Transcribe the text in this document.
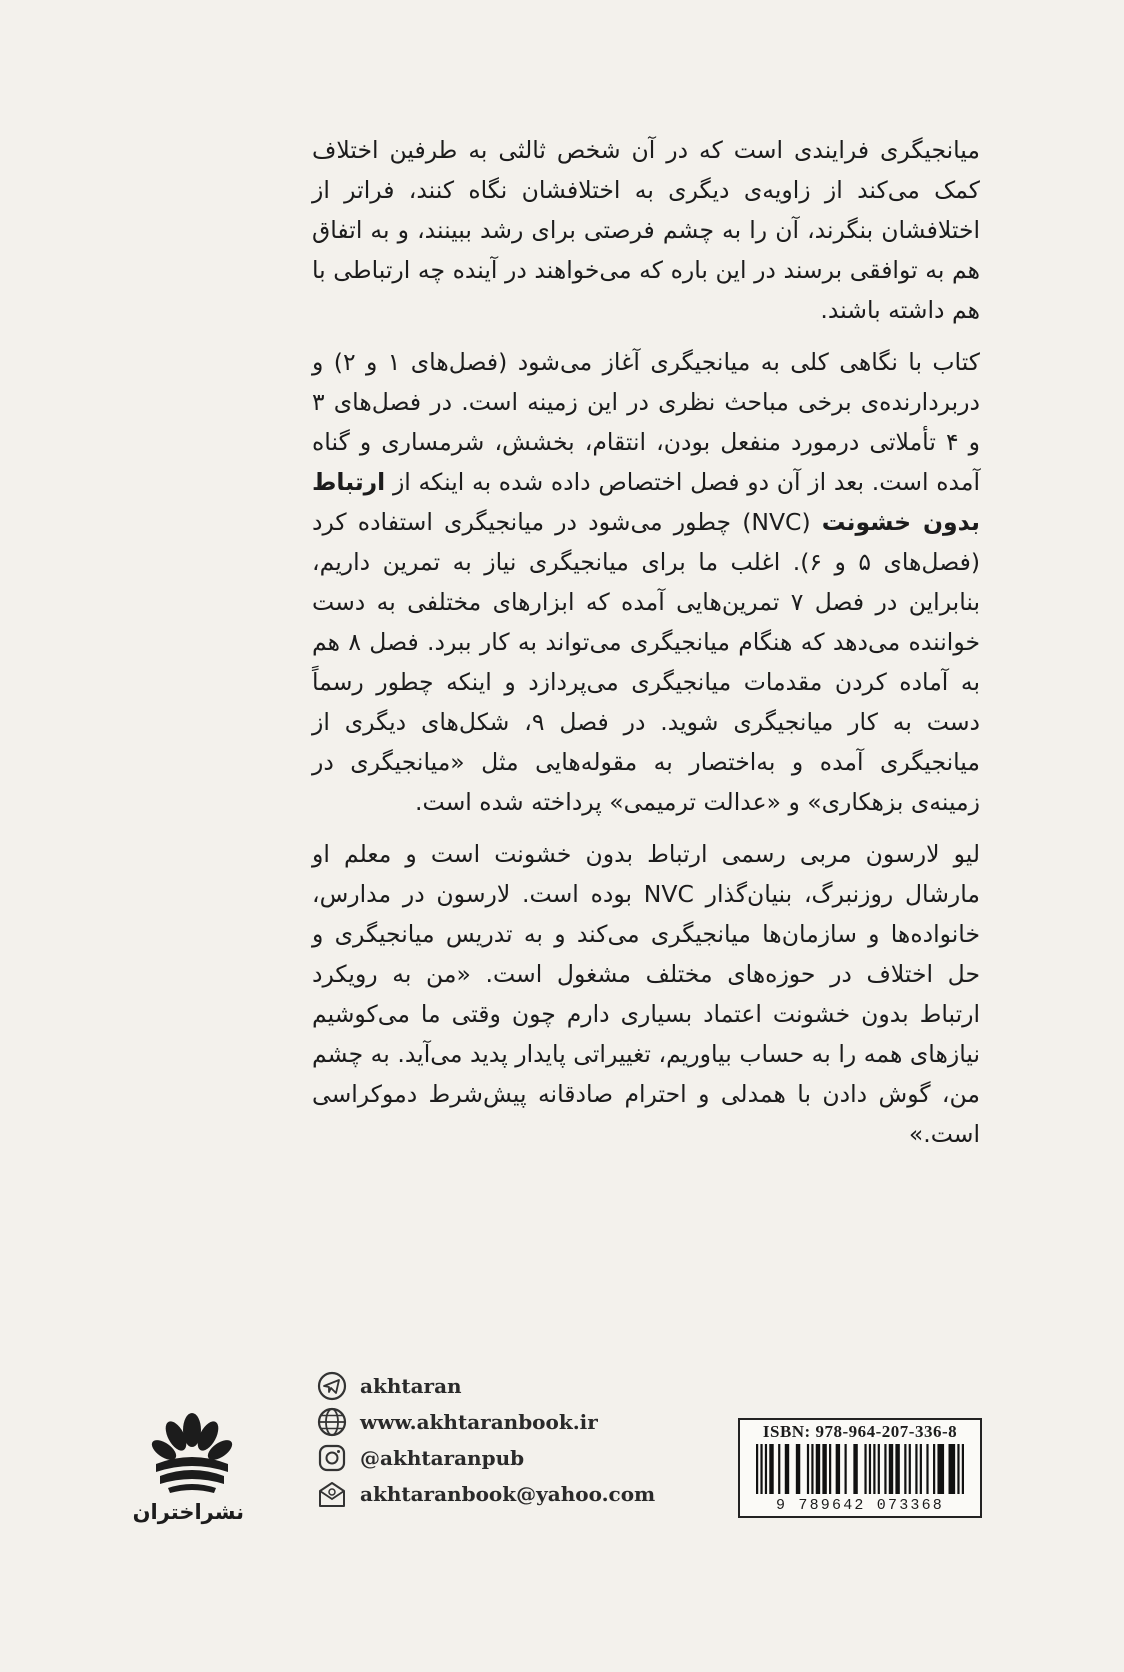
میانجیگری فرایندی است که در آن شخص ثالثی به طرفین اختلاف کمک می‌کند از زاویه‌ی دیگری به اختلافشان نگاه کنند، فراتر از اختلافشان بنگرند، آن را به چشم فرصتی برای رشد ببینند، و به اتفاق هم به توافقی برسند در این باره که می‌خواهند در آینده چه ارتباطی با هم داشته باشند.

کتاب با نگاهی کلی به میانجیگری آغاز می‌شود (فصل‌های ۱ و ۲) و دربردارنده‌ی برخی مباحث نظری در این زمینه است. در فصل‌های ۳ و ۴ تأملاتی درمورد منفعل بودن، انتقام، بخشش، شرمساری و گناه آمده است. بعد از آن دو فصل اختصاص داده شده به اینکه از ارتباط بدون خشونت (NVC) چطور می‌شود در میانجیگری استفاده کرد (فصل‌های ۵ و ۶). اغلب ما برای میانجیگری نیاز به تمرین داریم، بنابراین در فصل ۷ تمرین‌هایی آمده که ابزارهای مختلفی به دست خواننده می‌دهد که هنگام میانجیگری می‌تواند به کار ببرد. فصل ۸ هم به آماده کردن مقدمات میانجیگری می‌پردازد و اینکه چطور رسماً دست به کار میانجیگری شوید. در فصل ۹، شکل‌های دیگری از میانجیگری آمده و به‌اختصار به مقوله‌هایی مثل «میانجیگری در زمینه‌ی بزهکاری» و «عدالت ترمیمی» پرداخته شده است.

لیو لارسون مربی رسمی ارتباط بدون خشونت است و معلم او مارشال روزنبرگ، بنیان‌گذار NVC بوده است. لارسون در مدارس، خانواده‌ها و سازمان‌ها میانجیگری می‌کند و به تدریس میانجیگری و حل اختلاف در حوزه‌های مختلف مشغول است. «من به رویکرد ارتباط بدون خشونت اعتماد بسیاری دارم چون وقتی ما می‌کوشیم نیازهای همه را به حساب بیاوریم، تغییراتی پایدار پدید می‌آید. به چشم من، گوش دادن با همدلی و احترام صادقانه پیش‌شرط دموکراسی است.»

akhtaran
www.akhtaranbook.ir
@akhtaranpub
akhtaranbook@yahoo.com
ISBN: 978-964-207-336-8
9 789642 073368
نشراختران
